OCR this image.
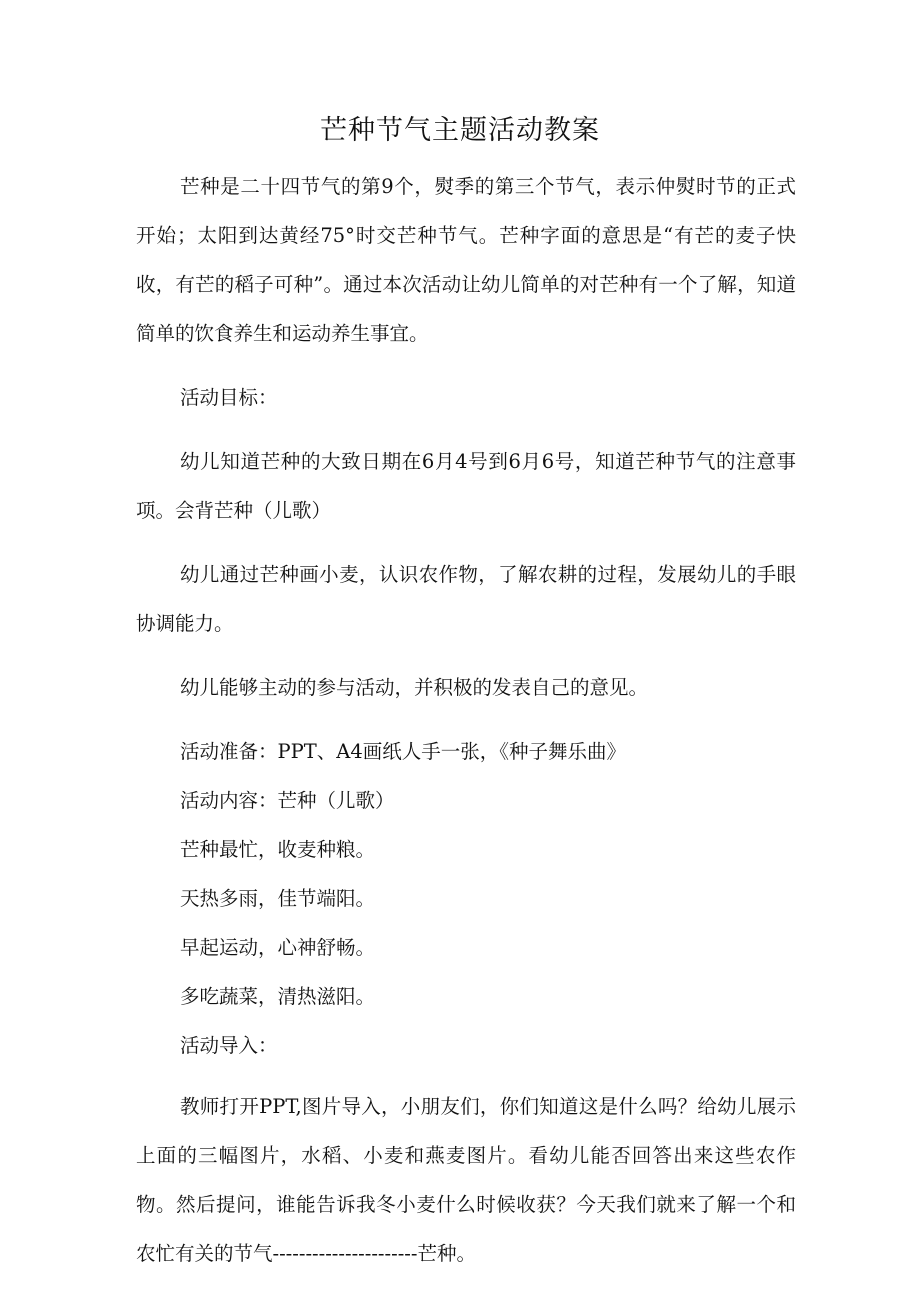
芒种节气主题活动教案

芒种是二十四节气的第9个，熨季的第三个节气，表示仲熨时节的正式开始；太阳到达黄经75°时交芒种节气。芒种字面的意思是“有芒的麦子快收，有芒的稻子可种”。通过本次活动让幼儿简单的对芒种有一个了解，知道简单的饮食养生和运动养生事宜。

活动目标：

幼儿知道芒种的大致日期在6月4号到6月6号，知道芒种节气的注意事项。会背芒种（儿歌）

幼儿通过芒种画小麦，认识农作物，了解农耕的过程，发展幼儿的手眼协调能力。

幼儿能够主动的参与活动，并积极的发表自己的意见。

活动准备：PPT、A4画纸人手一张，《种子舞乐曲》

活动内容：芒种（儿歌）

芒种最忙，收麦种粮。

天热多雨，佳节端阳。

早起运动，心神舒畅。

多吃蔬菜，清热滋阳。

活动导入：

教师打开PPT,图片导入，小朋友们，你们知道这是什么吗？给幼儿展示上面的三幅图片，水稻、小麦和燕麦图片。看幼儿能否回答出来这些农作物。然后提问，谁能告诉我冬小麦什么时候收获？今天我们就来了解一个和农忙有关的节气----------------------芒种。
